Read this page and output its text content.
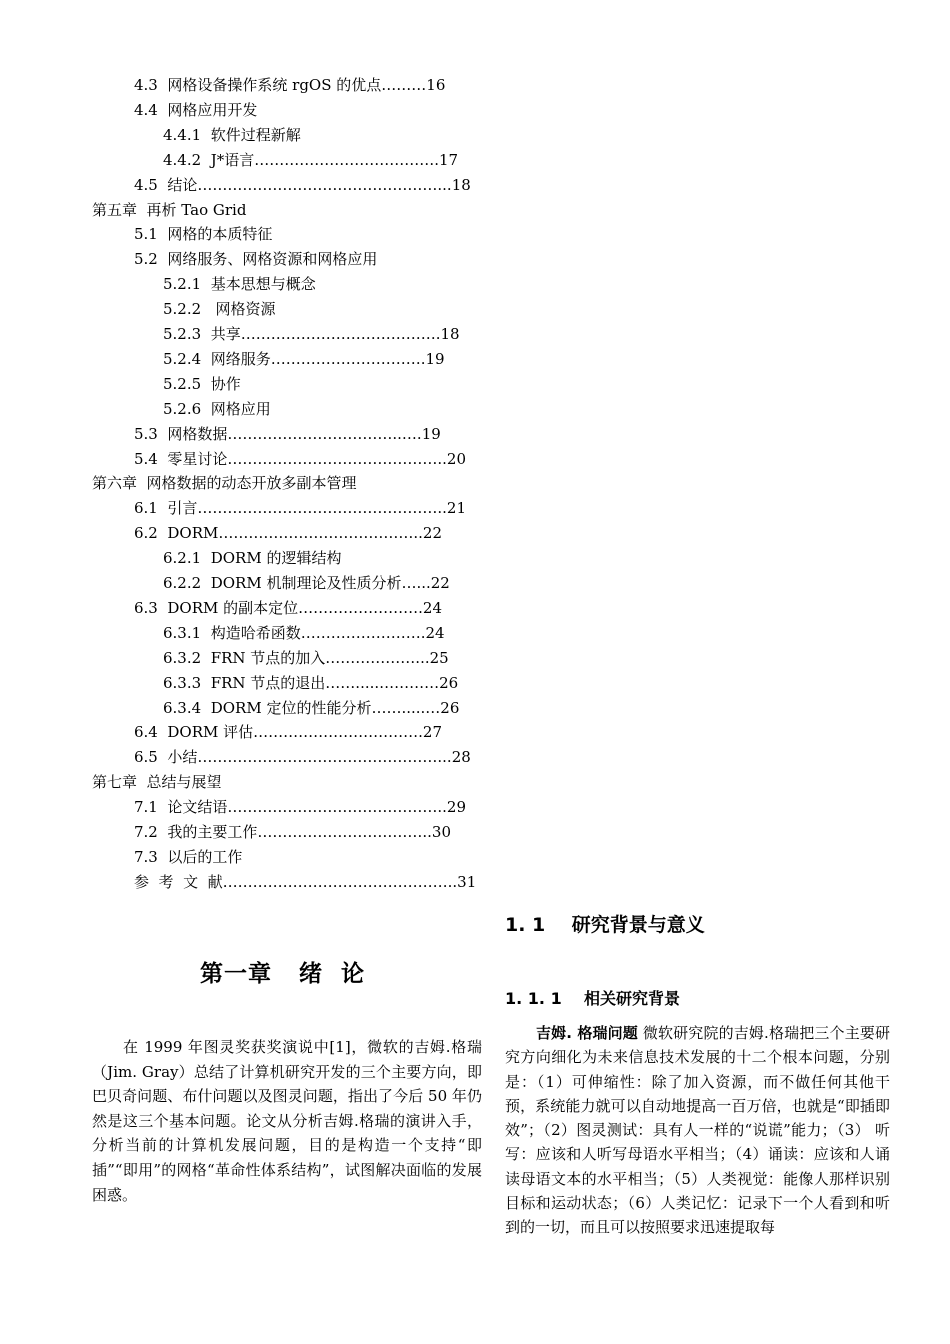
4.3  网格设备操作系统 rgOS 的优点………16
4.4  网格应用开发
4.4.1  软件过程新解
4.4.2  J*语言……………………………….17
4.5  结论…………………………………………...18
第五章  再析 Tao Grid
5.1  网格的本质特征
5.2  网络服务、网格资源和网格应用
5.2.1  基本思想与概念
5.2.2   网格资源
5.2.3  共享………………………………….18
5.2.4  网络服务………………………….19
5.2.5  协作
5.2.6  网格应用
5.3  网格数据……………………………..….19
5.4  零星讨论……………………………………..20
第六章  网格数据的动态开放多副本管理
6.1  引言…………………………………………..21
6.2  DORM…………………………………..22
6.2.1  DORM 的逻辑结构
6.2.2  DORM 机制理论及性质分析…...22
6.3  DORM 的副本定位…………………….24
6.3.1  构造哈希函数…………………….24
6.3.2  FRN 节点的加入………………...25
6.3.3  FRN 节点的退出…….....…………26
6.3.4  DORM 定位的性能分析…….....…26
6.4  DORM 评估…………………………….27
6.5  小结…………………………………………...28
第七章  总结与展望
7.1  论文结语……………………………………..29
7.2  我的主要工作……………………………..30
7.3  以后的工作
参  考  文  献………………………………………..31
第一章   绪  论
在 1999 年图灵奖获奖演说中[1]，微软的吉姆.格瑞（Jim. Gray）总结了计算机研究开发的三个主要方向，即巴贝奇问题、布什问题以及图灵问题，指出了今后 50 年仍然是这三个基本问题。论文从分析吉姆.格瑞的演讲入手，分析当前的计算机发展问题，目的是构造一个支持“即插”“即用”的网格“革命性体系结构”，试图解决面临的发展困惑。
1. 1    研究背景与意义
1. 1. 1    相关研究背景
吉姆. 格瑞问题 微软研究院的吉姆.格瑞把三个主要研究方向细化为未来信息技术发展的十二个根本问题，分别是：（1）可伸缩性：除了加入资源，而不做任何其他干预，系统能力就可以自动地提高一百万倍，也就是“即插即效”；（2）图灵测试：具有人一样的“说谎”能力；（3） 听写：应该和人听写母语水平相当；（4）诵读：应该和人诵读母语文本的水平相当；（5）人类视觉：能像人那样识别目标和运动状态；（6）人类记忆：记录下一个人看到和听到的一切，而且可以按照要求迅速提取每
